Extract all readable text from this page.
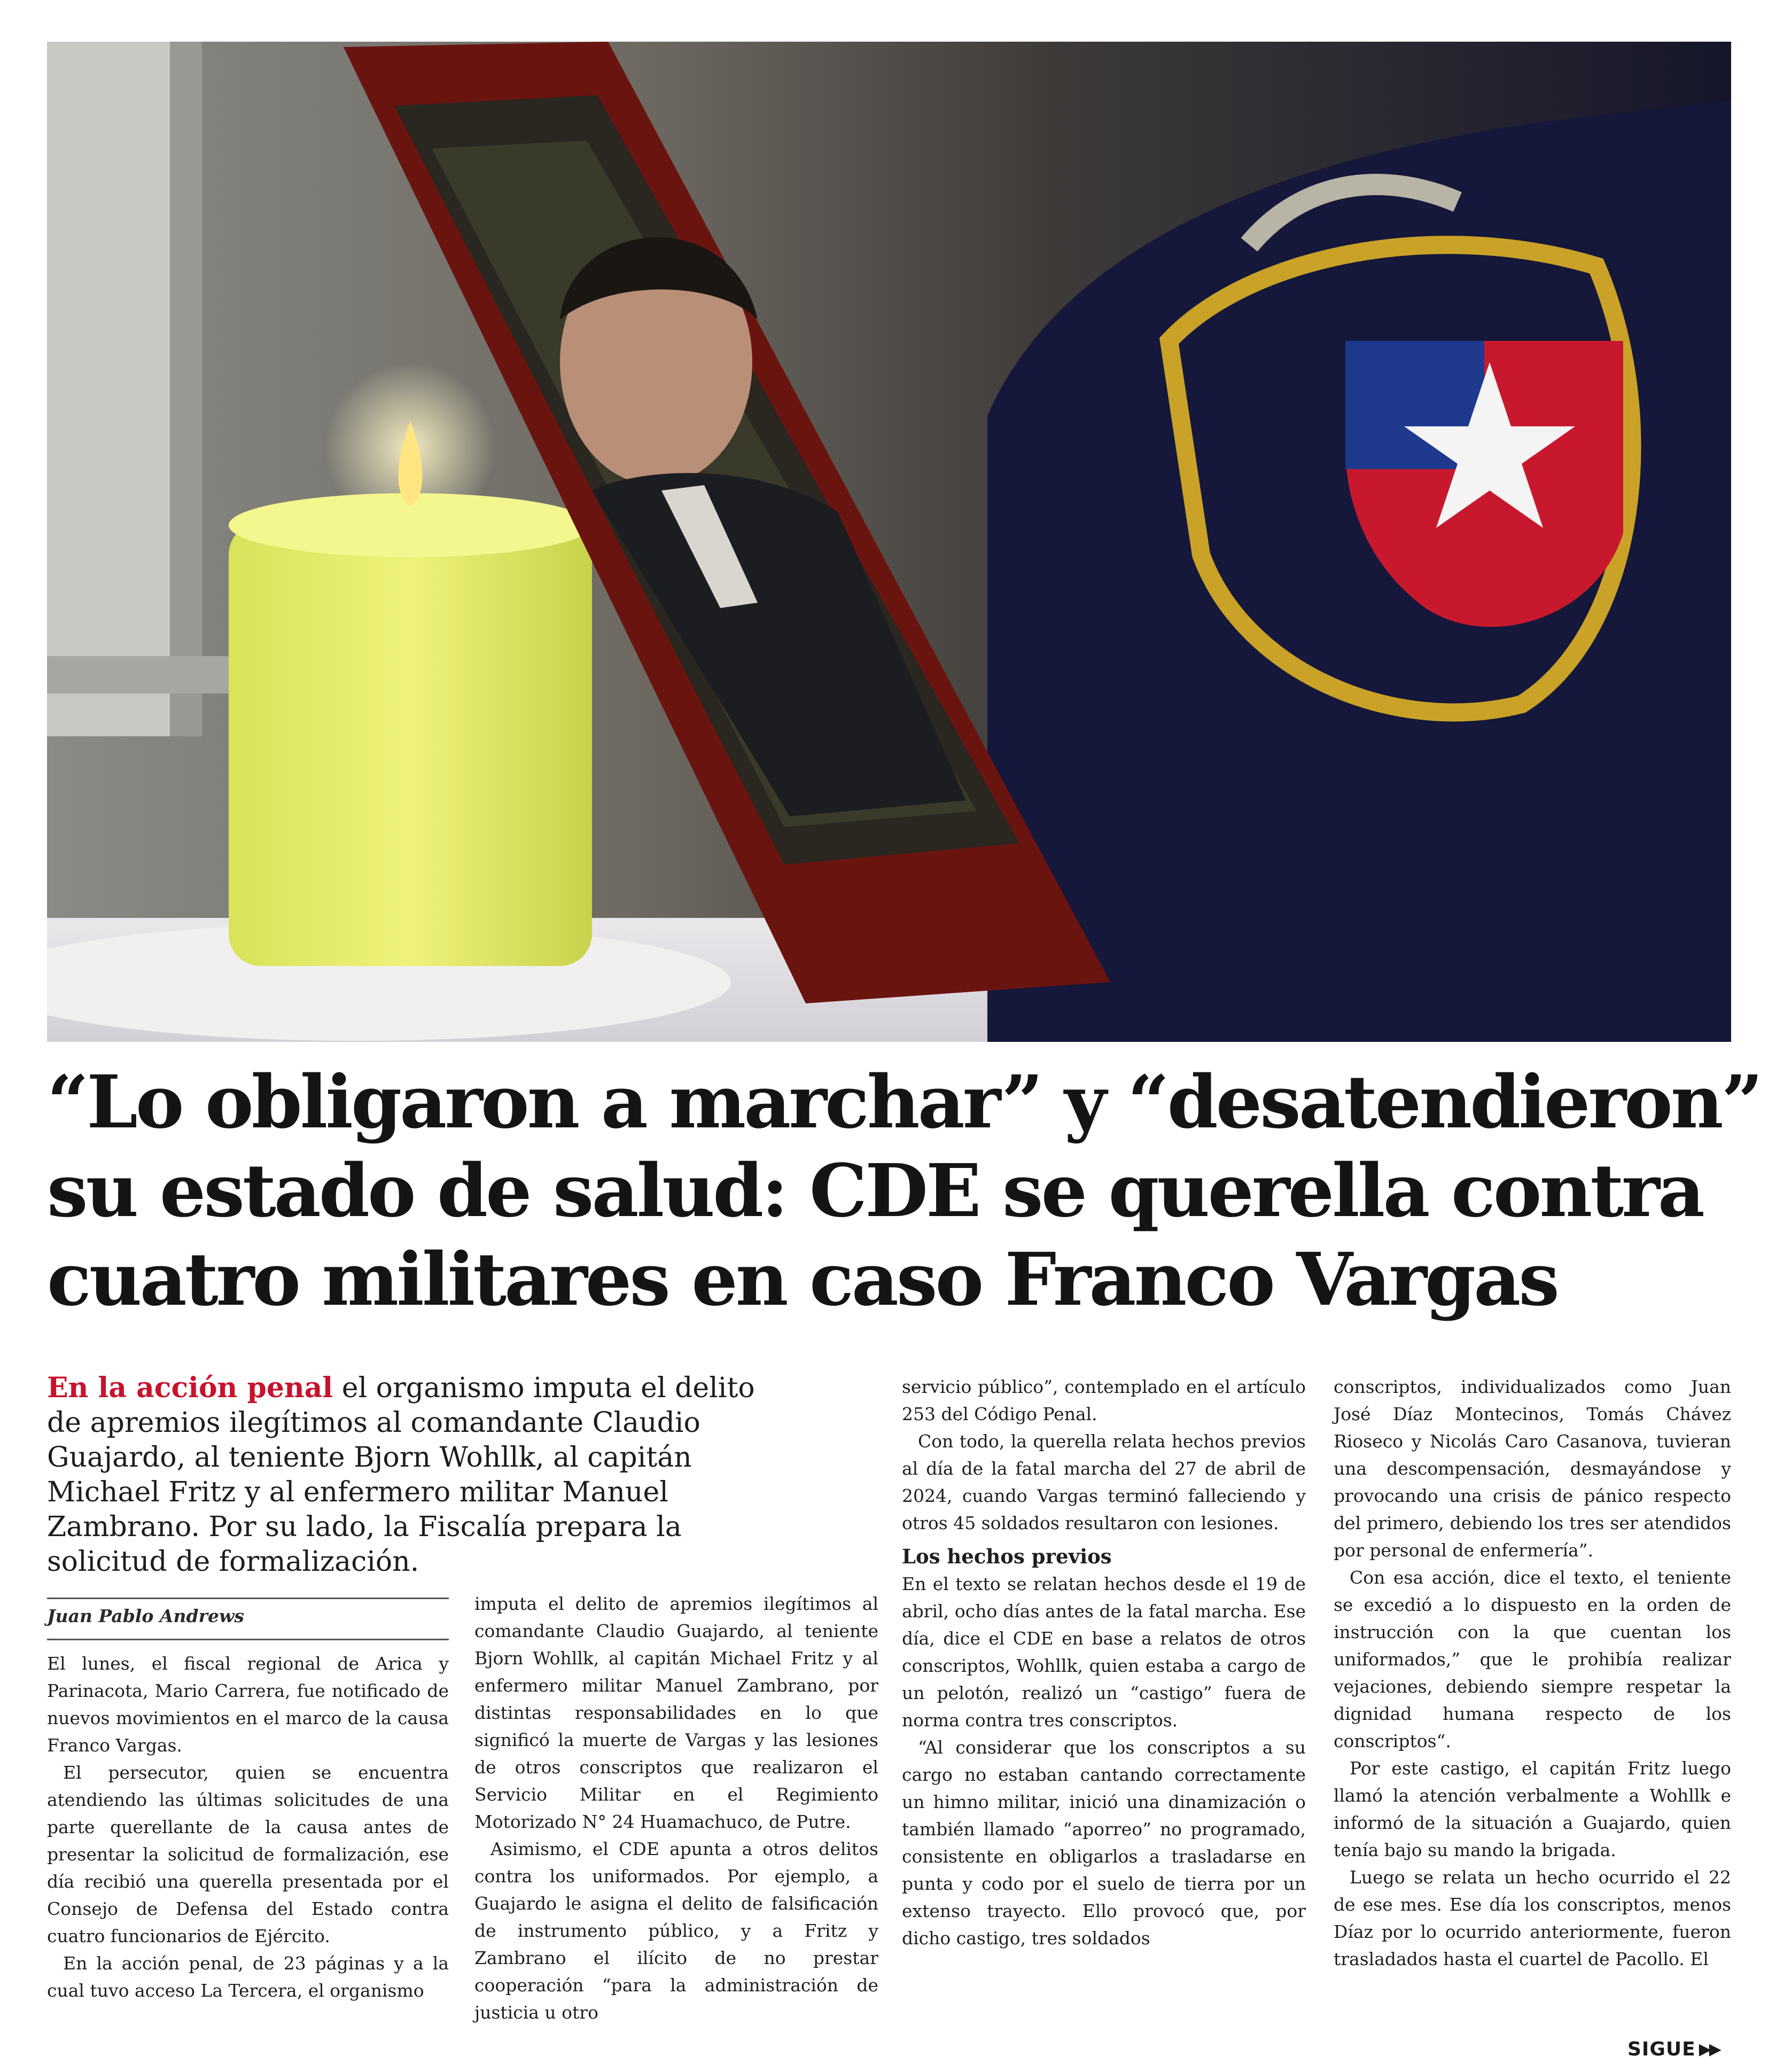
“Lo obligaron a marchar” y “desatendieron”
su estado de salud: CDE se querella contra
cuatro militares en caso Franco Vargas

En la acción penal el organismo imputa el delito de apremios ilegítimos al comandante Claudio Guajardo, al teniente Bjorn Wohllk, al capitán Michael Fritz y al enfermero militar Manuel Zambrano. Por su lado, la Fiscalía prepara la solicitud de formalización.

Juan Pablo Andrews

El lunes, el fiscal regional de Arica y Parinacota, Mario Carrera, fue notificado de nuevos movimientos en el marco de la causa Franco Vargas.

El persecutor, quien se encuentra atendiendo las últimas solicitudes de una parte querellante de la causa antes de presentar la solicitud de formalización, ese día recibió una querella presentada por el Consejo de Defensa del Estado contra cuatro funcionarios de Ejército.

En la acción penal, de 23 páginas y a la cual tuvo acceso La Tercera, el organismo

imputa el delito de apremios ilegítimos al comandante Claudio Guajardo, al teniente Bjorn Wohllk, al capitán Michael Fritz y al enfermero militar Manuel Zambrano, por distintas responsabilidades en lo que significó la muerte de Vargas y las lesiones de otros conscriptos que realizaron el Servicio Militar en el Regimiento Motorizado N° 24 Huamachuco, de Putre.

Asimismo, el CDE apunta a otros delitos contra los uniformados. Por ejemplo, a Guajardo le asigna el delito de falsificación de instrumento público, y a Fritz y Zambrano el ilícito de no prestar cooperación “para la administración de justicia u otro

servicio público”, contemplado en el artículo 253 del Código Penal.

Con todo, la querella relata hechos previos al día de la fatal marcha del 27 de abril de 2024, cuando Vargas terminó falleciendo y otros 45 soldados resultaron con lesiones.

Los hechos previos

En el texto se relatan hechos desde el 19 de abril, ocho días antes de la fatal marcha. Ese día, dice el CDE en base a relatos de otros conscriptos, Wohllk, quien estaba a cargo de un pelotón, realizó un “castigo” fuera de norma contra tres conscriptos.

“Al considerar que los conscriptos a su cargo no estaban cantando correctamente un himno militar, inició una dinamización o también llamado “aporreo” no programado, consistente en obligarlos a trasladarse en punta y codo por el suelo de tierra por un extenso trayecto. Ello provocó que, por dicho castigo, tres soldados

conscriptos, individualizados como Juan José Díaz Montecinos, Tomás Chávez Rioseco y Nicolás Caro Casanova, tuvieran una descompensación, desmayándose y provocando una crisis de pánico respecto del primero, debiendo los tres ser atendidos por personal de enfermería”.

Con esa acción, dice el texto, el teniente se excedió a lo dispuesto en la orden de instrucción con la que cuentan los uniformados,” que le prohibía realizar vejaciones, debiendo siempre respetar la dignidad humana respecto de los conscriptos“.

Por este castigo, el capitán Fritz luego llamó la atención verbalmente a Wohllk e informó de la situación a Guajardo, quien tenía bajo su mando la brigada.

Luego se relata un hecho ocurrido el 22 de ese mes. Ese día los conscriptos, menos Díaz por lo ocurrido anteriormente, fueron trasladados hasta el cuartel de Pacollo. El

SIGUE ▶▶
